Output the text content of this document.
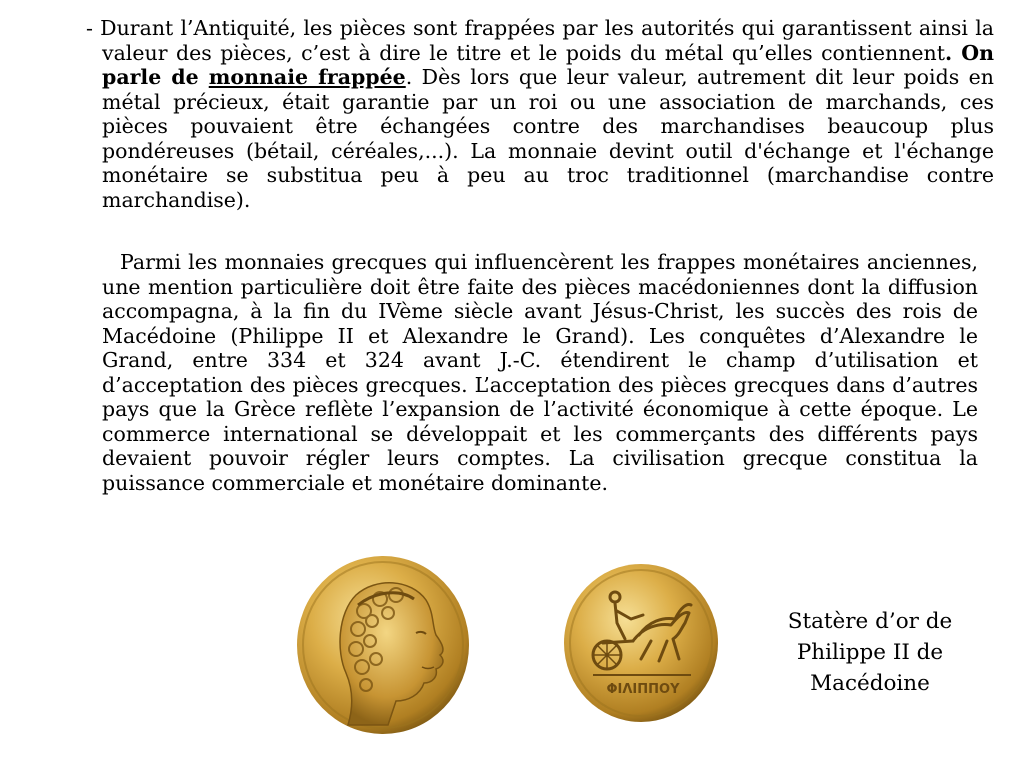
- Durant l’Antiquité, les pièces sont frappées par les autorités qui garantissent ainsi la valeur des pièces, c’est à dire le titre et le poids du métal qu’elles contiennent. On parle de monnaie frappée. Dès lors que leur valeur, autrement dit leur poids en métal précieux, était garantie par un roi ou une association de marchands, ces pièces pouvaient être échangées contre des marchandises beaucoup plus pondéreuses (bétail, céréales,...). La monnaie devint outil d'échange et l'échange monétaire se substitua peu à peu au troc traditionnel (marchandise contre marchandise).

Parmi les monnaies grecques qui influencèrent les frappes monétaires anciennes, une mention particulière doit être faite des pièces macédoniennes dont la diffusion accompagna, à la fin du IVème siècle avant Jésus-Christ, les succès des rois de Macédoine (Philippe II et Alexandre le Grand). Les conquêtes d’Alexandre le Grand, entre 334 et 324 avant J.-C. étendirent le champ d’utilisation et d’acceptation des pièces grecques. L’acceptation des pièces grecques dans d’autres pays que la Grèce reflète l’expansion de l’activité économique à cette époque. Le commerce international se développait et les commerçants des différents pays devaient pouvoir régler leurs comptes. La civilisation grecque constitua la puissance commerciale et monétaire dominante.

ΦΙΛΙΠΠΟΥ

Statère d’or de
Philippe II de
Macédoine
